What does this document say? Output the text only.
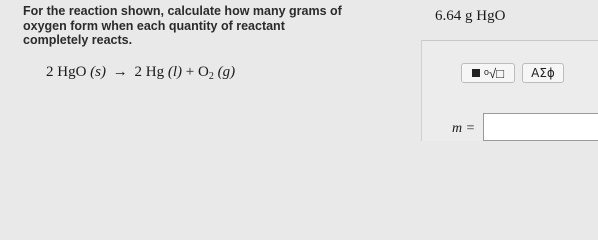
For the reaction shown, calculate how many grams of oxygen form when each quantity of reactant completely reacts.
6.64 g HgO
2 HgO (s) → 2 Hg $(l) + O_2$ (g)	ᵒ√□	ΑΣϕ
m =
